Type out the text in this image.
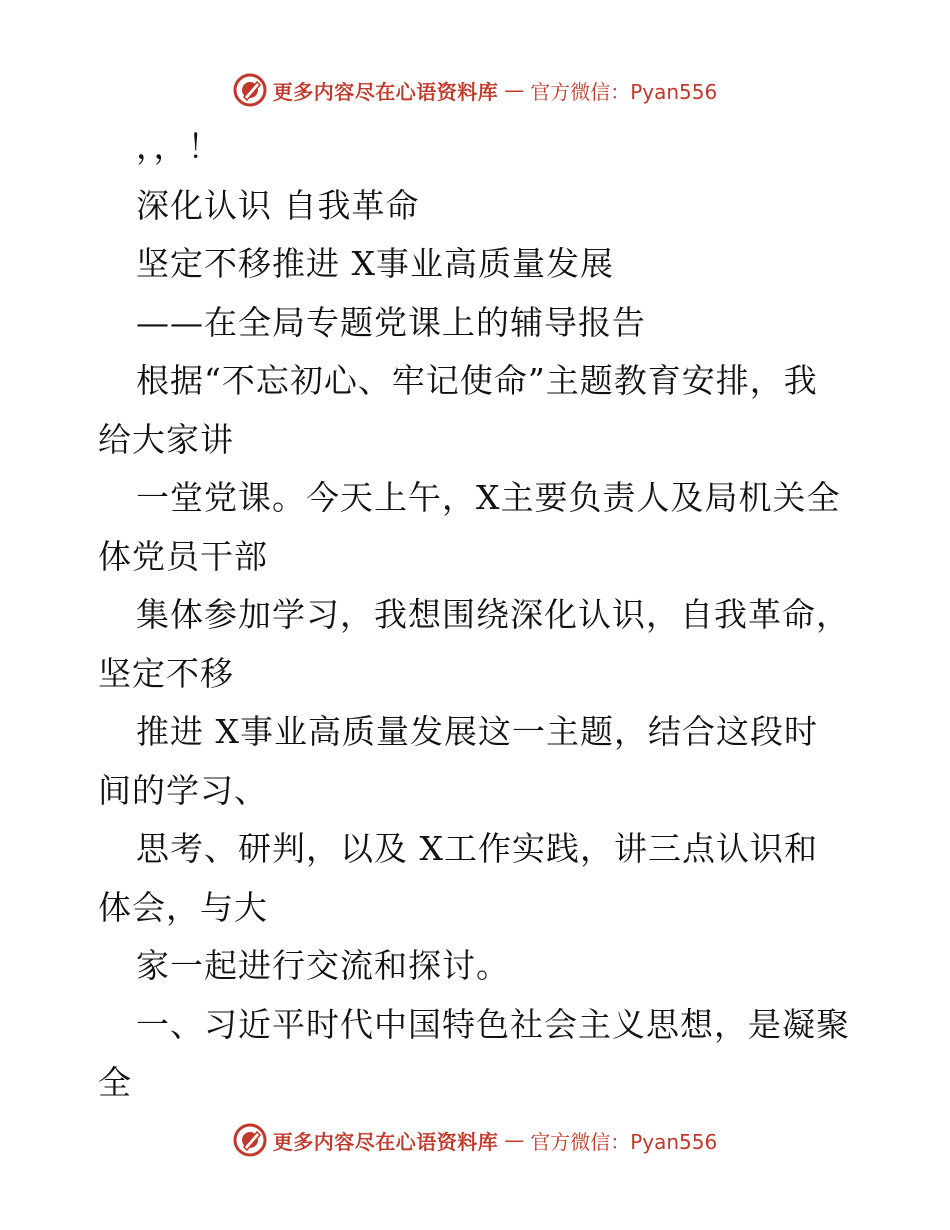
更多内容尽在心语资料库 — 官方微信：Pyan556
，，！
深化认识 自我革命
坚定不移推进 X事业高质量发展
——在全局专题党课上的辅导报告
根据“不忘初心、牢记使命”主题教育安排，我
给大家讲
一堂党课。今天上午，X主要负责人及局机关全
体党员干部
集体参加学习，我想围绕深化认识，自我革命，
坚定不移
推进 X事业高质量发展这一主题，结合这段时
间的学习、
思考、研判，以及 X工作实践，讲三点认识和
体会，与大
家一起进行交流和探讨。
一、习近平时代中国特色社会主义思想，是凝聚
全
更多内容尽在心语资料库 — 官方微信：Pyan556
